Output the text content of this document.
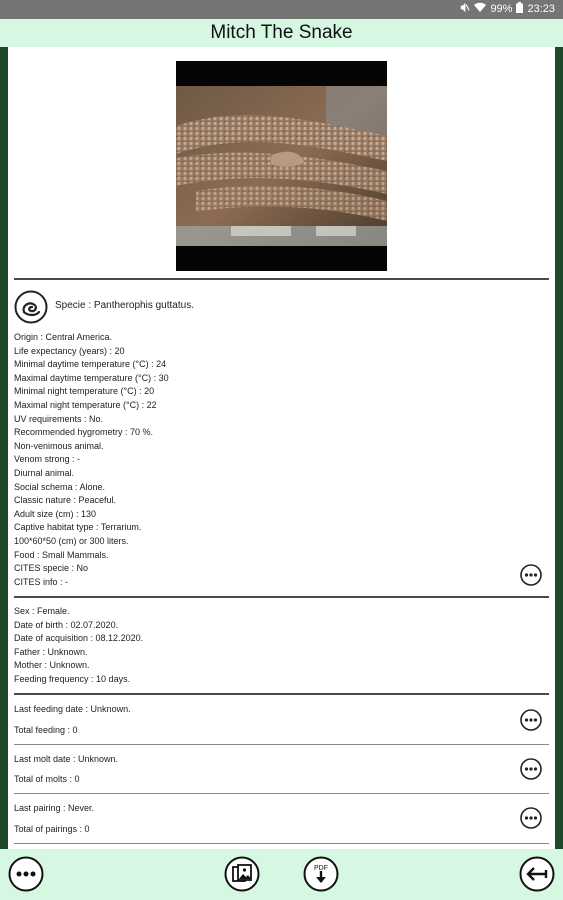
99% 23:23
Mitch The Snake
Specie : Pantherophis guttatus.
Origin : Central America.
Life expectancy (years) : 20
Minimal daytime temperature (°C) : 24
Maximal daytime temperature (°C) : 30
Minimal night temperature (°C) : 20
Maximal night temperature (°C) : 22
UV requirements : No.
Recommended hygrometry : 70 %.
Non-venimous animal.
Venom strong : -
Diurnal animal.
Social schema : Alone.
Classic nature : Peaceful.
Adult size (cm) : 130
Captive habitat type : Terrarium.
100*60*50 (cm) or 300 liters.
Food : Small Mammals.
CITES specie : No
CITES info : -
Sex : Female.
Date of birth : 02.07.2020.
Date of acquisition : 08.12.2020.
Father : Unknown.
Mother : Unknown.
Feeding frequency : 10 days.
Last feeding date : Unknown.
Total feeding : 0
Last molt date : Unknown.
Total of molts : 0
Last pairing : Never.
Total of pairings : 0
PDF
